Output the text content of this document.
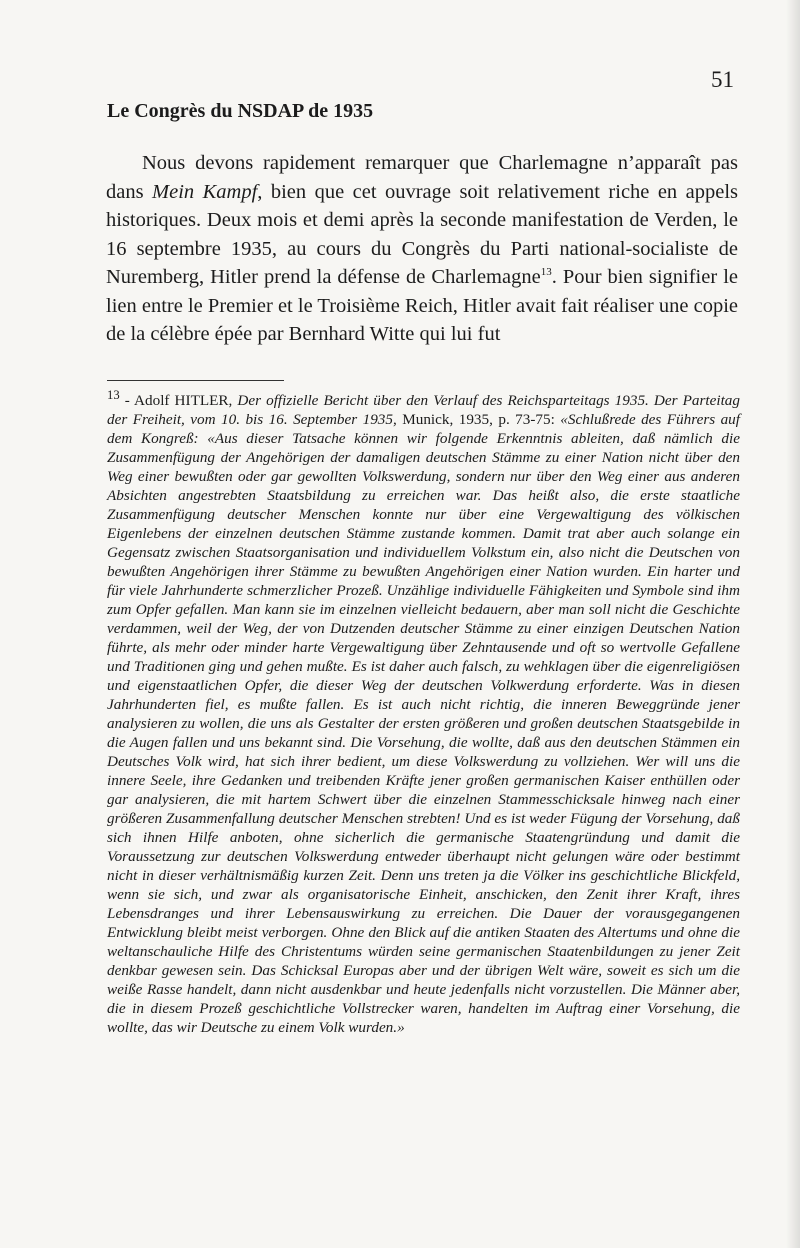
51
Le Congrès du NSDAP de 1935

Nous devons rapidement remarquer que Charlemagne n’apparaît pas dans Mein Kampf, bien que cet ouvrage soit relativement riche en appels historiques. Deux mois et demi après la seconde manifestation de Verden, le 16 septembre 1935, au cours du Congrès du Parti national-socialiste de Nuremberg, Hitler prend la défense de Charlemagne$^{13}$. Pour bien signifier le lien entre le Premier et le Troisième Reich, Hitler avait fait réaliser une copie de la célèbre épée par Bernhard Witte qui lui fut

$^{13}$ - Adolf HITLER, Der offizielle Bericht über den Verlauf des Reichsparteitags 1935. Der Parteitag der Freiheit, vom 10. bis 16. September 1935, Munick, 1935, p. 73-75: «Schlußrede des Führers auf dem Kongreß: «Aus dieser Tatsache können wir folgende Erkenntnis ableiten, daß nämlich die Zusammenfügung der Angehörigen der damaligen deutschen Stämme zu einer Nation nicht über den Weg einer bewußten oder gar gewollten Volkswerdung, sondern nur über den Weg einer aus anderen Absichten angestrebten Staatsbildung zu erreichen war. Das heißt also, die erste staatliche Zusammenfügung deutscher Menschen konnte nur über eine Vergewaltigung des völkischen Eigenlebens der einzelnen deutschen Stämme zustande kommen. Damit trat aber auch solange ein Gegensatz zwischen Staatsorganisation und individuellem Volkstum ein, also nicht die Deutschen von bewußten Angehörigen ihrer Stämme zu bewußten Angehörigen einer Nation wurden. Ein harter und für viele Jahrhunderte schmerzlicher Prozeß. Unzählige individuelle Fähigkeiten und Symbole sind ihm zum Opfer gefallen. Man kann sie im einzelnen vielleicht bedauern, aber man soll nicht die Geschichte verdammen, weil der Weg, der von Dutzenden deutscher Stämme zu einer einzigen Deutschen Nation führte, als mehr oder minder harte Vergewaltigung über Zehntausende und oft so wertvolle Gefallene und Traditionen ging und gehen mußte. Es ist daher auch falsch, zu wehklagen über die eigenreligiösen und eigenstaatlichen Opfer, die dieser Weg der deutschen Volkwerdung erforderte. Was in diesen Jahrhunderten fiel, es mußte fallen. Es ist auch nicht richtig, die inneren Beweggründe jener analysieren zu wollen, die uns als Gestalter der ersten größeren und großen deutschen Staatsgebilde in die Augen fallen und uns bekannt sind. Die Vorsehung, die wollte, daß aus den deutschen Stämmen ein Deutsches Volk wird, hat sich ihrer bedient, um diese Volkswerdung zu vollziehen. Wer will uns die innere Seele, ihre Gedanken und treibenden Kräfte jener großen germanischen Kaiser enthüllen oder gar analysieren, die mit hartem Schwert über die einzelnen Stammesschicksale hinweg nach einer größeren Zusammenfallung deutscher Menschen strebten! Und es ist weder Fügung der Vorsehung, daß sich ihnen Hilfe anboten, ohne sicherlich die germanische Staatengründung und damit die Voraussetzung zur deutschen Volkswerdung entweder überhaupt nicht gelungen wäre oder bestimmt nicht in dieser verhältnismäßig kurzen Zeit. Denn uns treten ja die Völker ins geschichtliche Blickfeld, wenn sie sich, und zwar als organisatorische Einheit, anschicken, den Zenit ihrer Kraft, ihres Lebensdranges und ihrer Lebensauswirkung zu erreichen. Die Dauer der vorausgegangenen Entwicklung bleibt meist verborgen. Ohne den Blick auf die antiken Staaten des Altertums und ohne die weltanschauliche Hilfe des Christentums würden seine germanischen Staatenbildungen zu jener Zeit denkbar gewesen sein. Das Schicksal Europas aber und der übrigen Welt wäre, soweit es sich um die weiße Rasse handelt, dann nicht ausdenkbar und heute jedenfalls nicht vorzustellen. Die Männer aber, die in diesem Prozeß geschichtliche Vollstrecker waren, handelten im Auftrag einer Vorsehung, die wollte, das wir Deutsche zu einem Volk wurden.»
